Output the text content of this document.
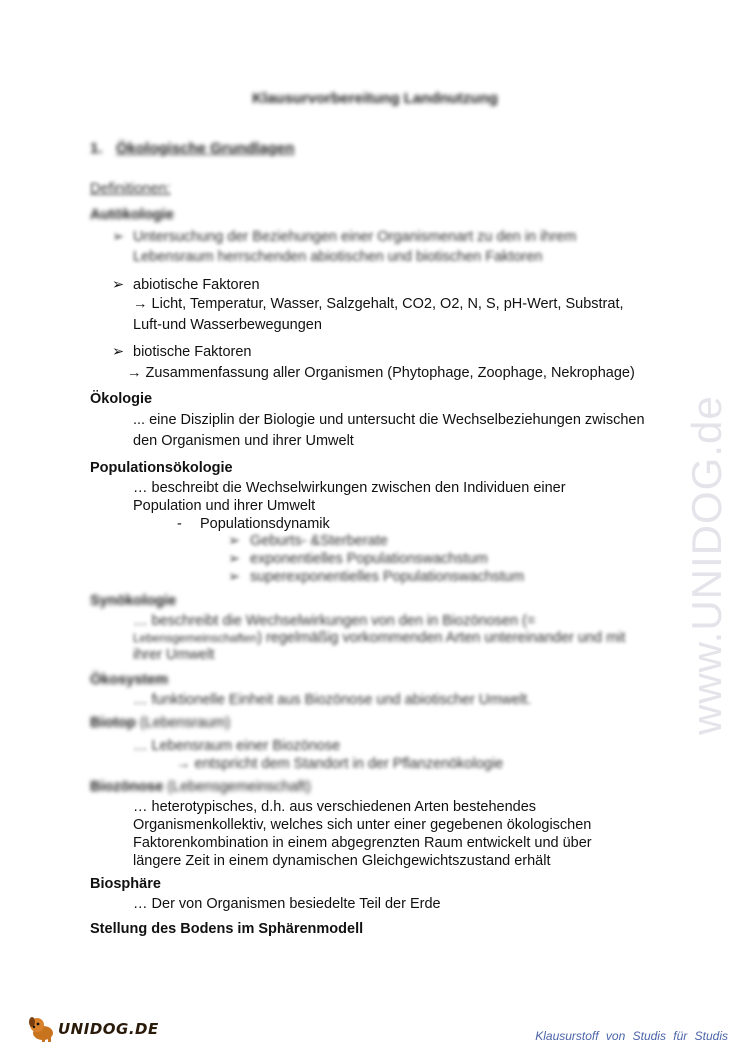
www.UNIDOG.de
Klausurvorbereitung Landnutzung
1. Ökologische Grundlagen
Definitionen:
Autökologie
➢ Untersuchung der Beziehungen einer Organismenart zu den in ihrem
Lebensraum herrschenden abiotischen und biotischen Faktoren
➢ abiotische Faktoren
→ Licht, Temperatur, Wasser, Salzgehalt, CO2, O2, N, S, pH-Wert, Substrat,
Luft-und Wasserbewegungen
➢ biotische Faktoren
→ Zusammenfassung aller Organismen (Phytophage, Zoophage, Nekrophage)
Ökologie
... eine Disziplin der Biologie und untersucht die Wechselbeziehungen zwischen
den Organismen und ihrer Umwelt
Populationsökologie
… beschreibt die Wechselwirkungen zwischen den Individuen einer
Population und ihrer Umwelt
- Populationsdynamik
➢ Geburts- &Sterberate
➢ exponentielles Populationswachstum
➢ superexponentielles Populationswachstum
Synökologie
… beschreibt die Wechselwirkungen von den in Biozönosen (=
Lebensgemeinschaften) regelmäßig vorkommenden Arten untereinander und mit
ihrer Umwelt
Ökosystem
… funktionelle Einheit aus Biozönose und abiotischer Umwelt.
Biotop (Lebensraum)
… Lebensraum einer Biozönose
→ entspricht dem Standort in der Pflanzenökologie
Biozönose (Lebensgemeinschaft)
… heterotypisches, d.h. aus verschiedenen Arten bestehendes
Organismenkollektiv, welches sich unter einer gegebenen ökologischen
Faktorenkombination in einem abgegrenzten Raum entwickelt und über
längere Zeit in einem dynamischen Gleichgewichtszustand erhält
Biosphäre
… Der von Organismen besiedelte Teil der Erde
Stellung des Bodens im Sphärenmodell
UNIDOG.DE	Klausurstoff von Studis für Studis
